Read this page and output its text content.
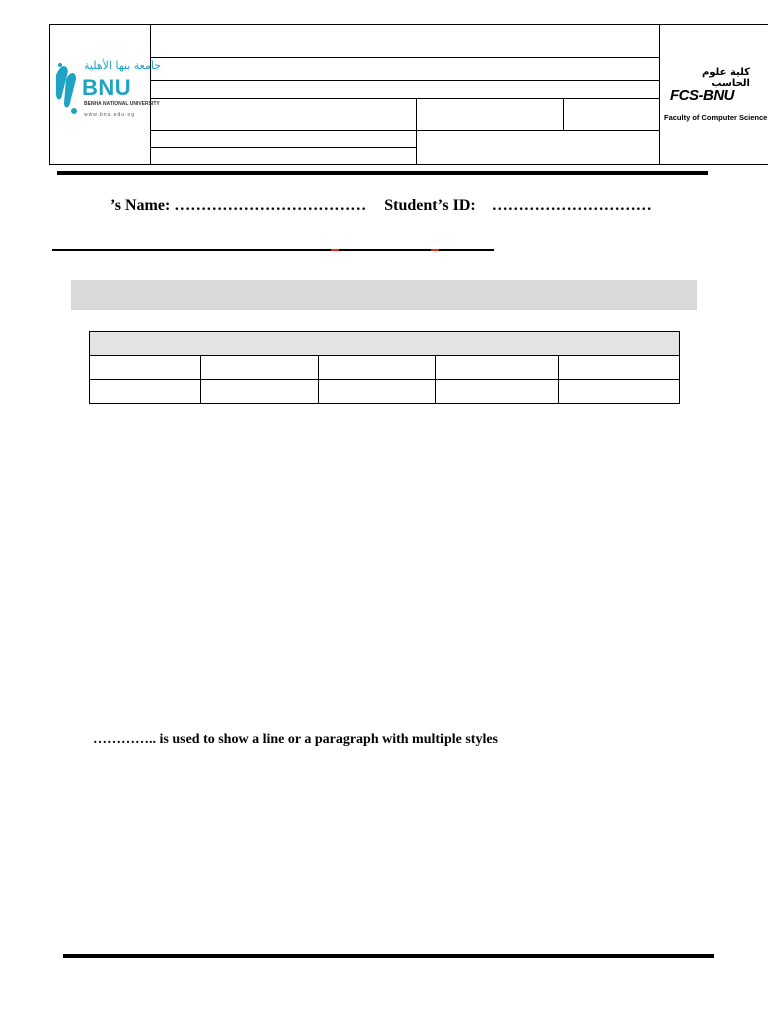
جامعة بنها الأهلية
BNU
BENHA NATIONAL UNIVERSITY
www.bnu.edu.eg
كلية علوم الحاسب
FCS-BNU
Faculty of Computer Science
’s Name: ……………………………… Student’s ID: …………………………

………….. is used to show a line or a paragraph with multiple styles
